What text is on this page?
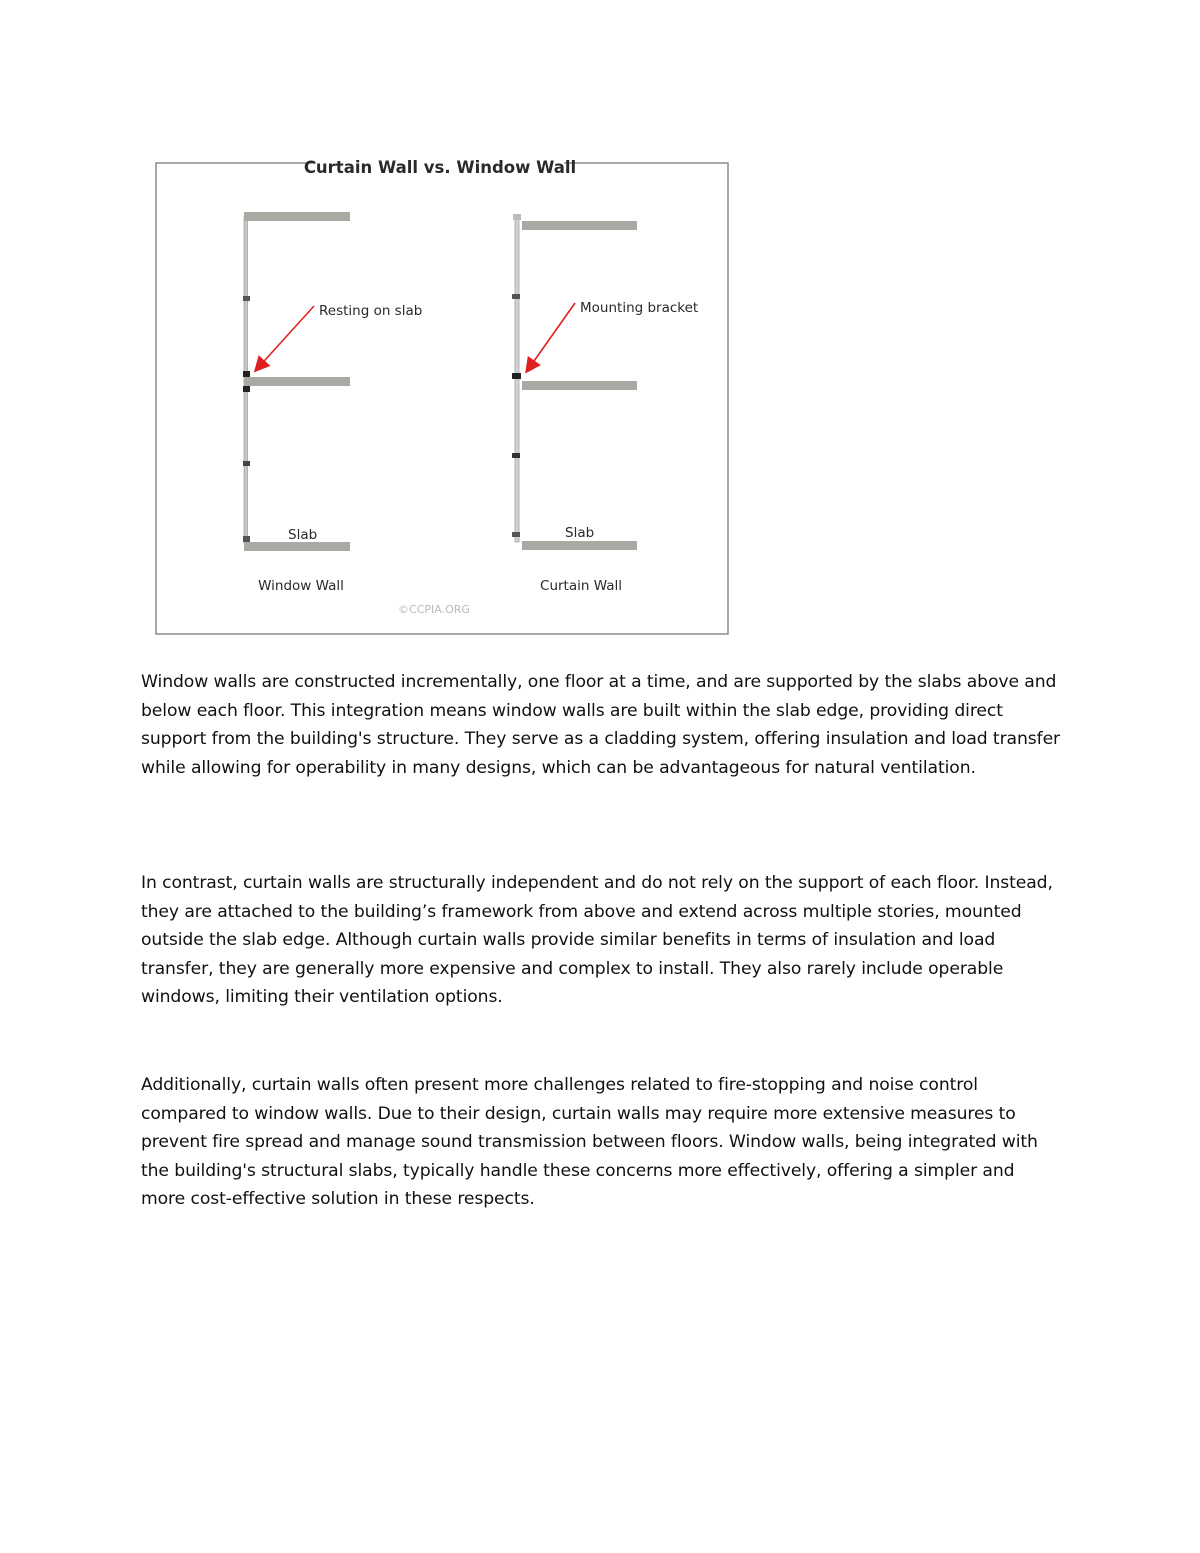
Curtain Wall vs. Window Wall
Resting on slab
Slab
Window Wall
Mounting bracket
Slab
Curtain Wall
©CCPIA.ORG

Window walls are constructed incrementally, one floor at a time, and are supported by the slabs above and below each floor. This integration means window walls are built within the slab edge, providing direct support from the building's structure. They serve as a cladding system, offering insulation and load transfer while allowing for operability in many designs, which can be advantageous for natural ventilation.

In contrast, curtain walls are structurally independent and do not rely on the support of each floor. Instead, they are attached to the building’s framework from above and extend across multiple stories, mounted outside the slab edge. Although curtain walls provide similar benefits in terms of insulation and load transfer, they are generally more expensive and complex to install. They also rarely include operable windows, limiting their ventilation options.

Additionally, curtain walls often present more challenges related to fire-stopping and noise control compared to window walls. Due to their design, curtain walls may require more extensive measures to prevent fire spread and manage sound transmission between floors. Window walls, being integrated with the building's structural slabs, typically handle these concerns more effectively, offering a simpler and more cost-effective solution in these respects.
